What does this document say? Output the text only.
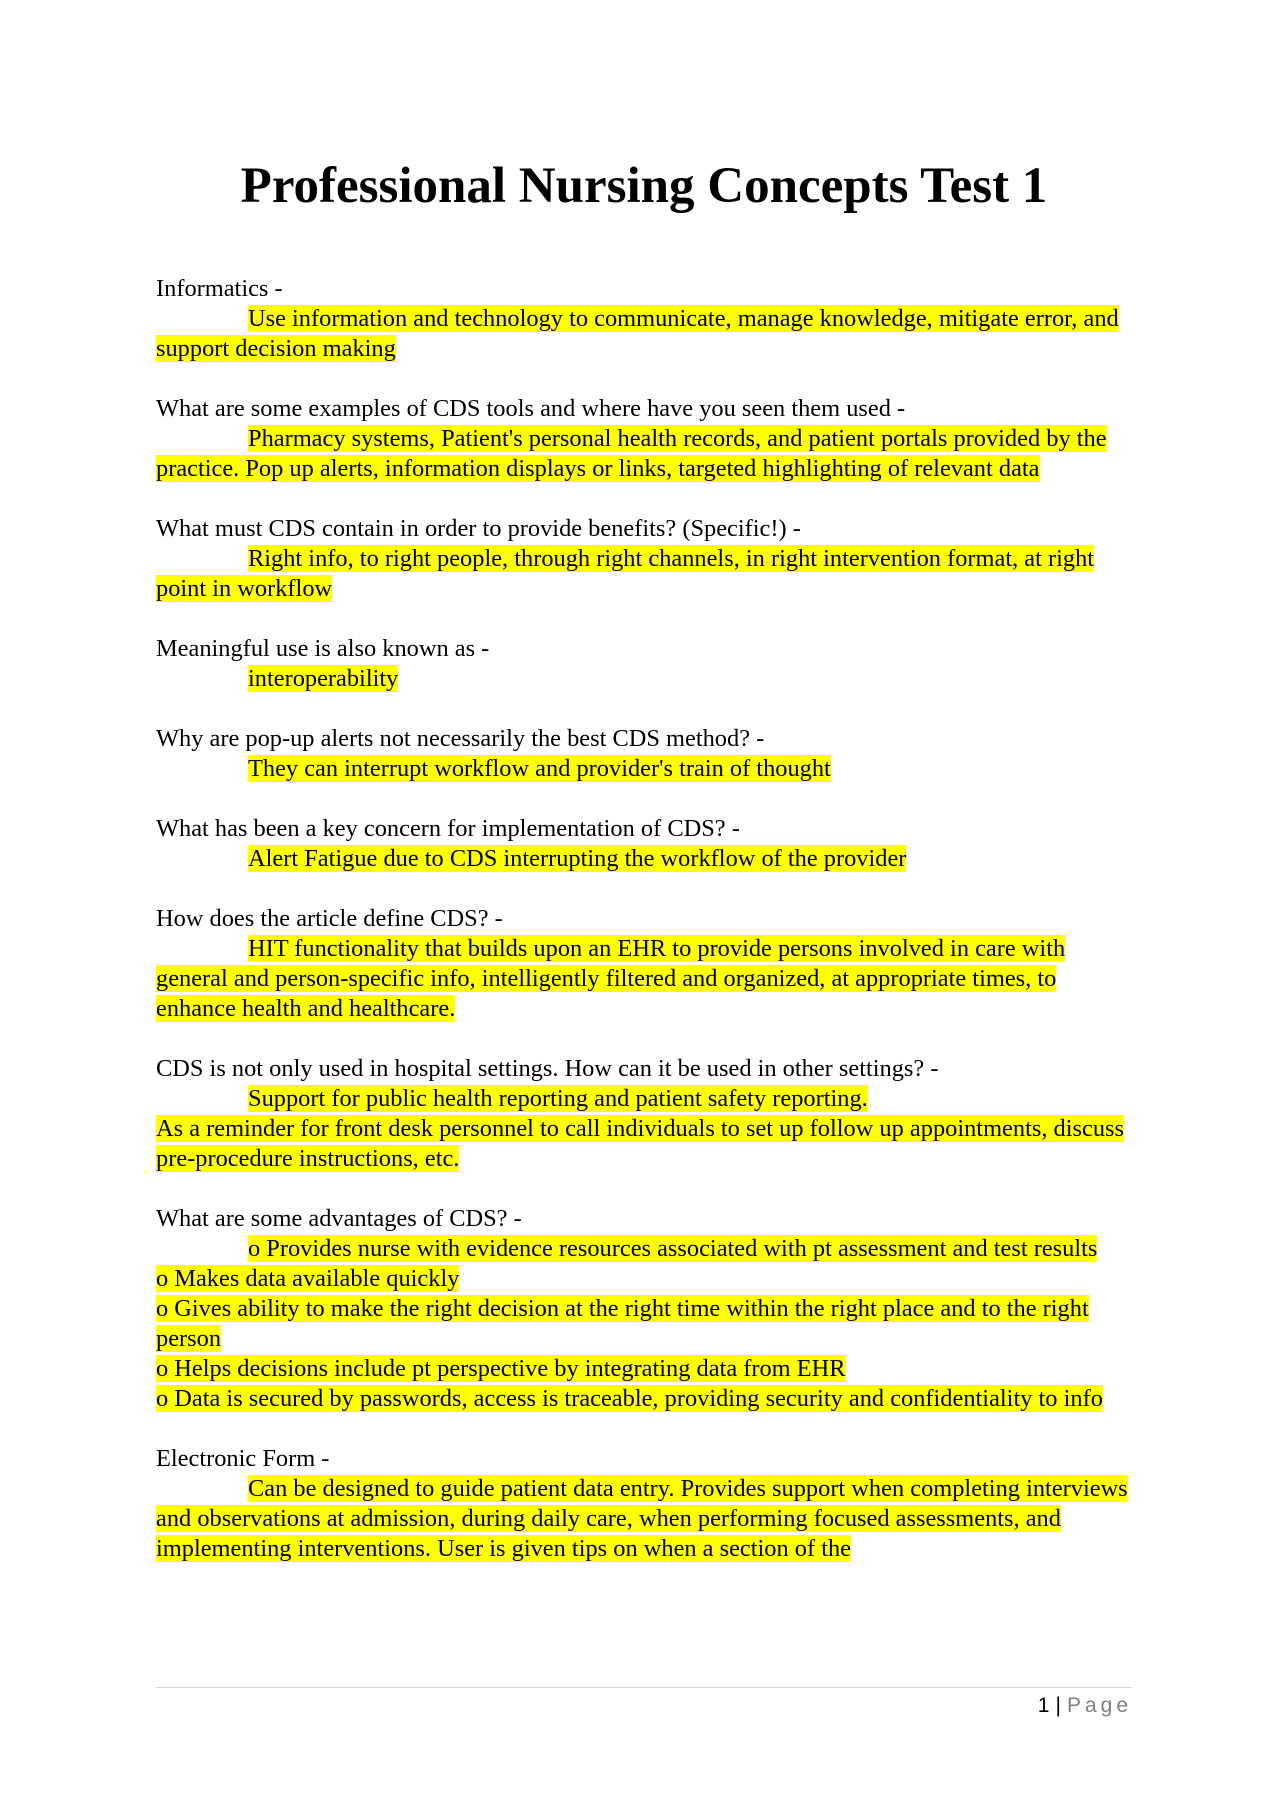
Professional Nursing Concepts Test 1

Informatics -

Use information and technology to communicate, manage knowledge, mitigate error, and support decision making

What are some examples of CDS tools and where have you seen them used -

Pharmacy systems, Patient's personal health records, and patient portals provided by the practice. Pop up alerts, information displays or links, targeted highlighting of relevant data

What must CDS contain in order to provide benefits? (Specific!) -

Right info, to right people, through right channels, in right intervention format, at right point in workflow

Meaningful use is also known as -

interoperability

Why are pop-up alerts not necessarily the best CDS method? -

They can interrupt workflow and provider's train of thought

What has been a key concern for implementation of CDS? -

Alert Fatigue due to CDS interrupting the workflow of the provider

How does the article define CDS? -

HIT functionality that builds upon an EHR to provide persons involved in care with general and person-specific info, intelligently filtered and organized, at appropriate times, to enhance health and healthcare.

CDS is not only used in hospital settings. How can it be used in other settings? -

Support for public health reporting and patient safety reporting.

As a reminder for front desk personnel to call individuals to set up follow up appointments, discuss pre-procedure instructions, etc.

What are some advantages of CDS? -

o Provides nurse with evidence resources associated with pt assessment and test results

o Makes data available quickly

o Gives ability to make the right decision at the right time within the right place and to the right person

o Helps decisions include pt perspective by integrating data from EHR

o Data is secured by passwords, access is traceable, providing security and confidentiality to info

Electronic Form -

Can be designed to guide patient data entry. Provides support when completing interviews and observations at admission, during daily care, when performing focused assessments, and implementing interventions. User is given tips on when a section of the

1 | Page
